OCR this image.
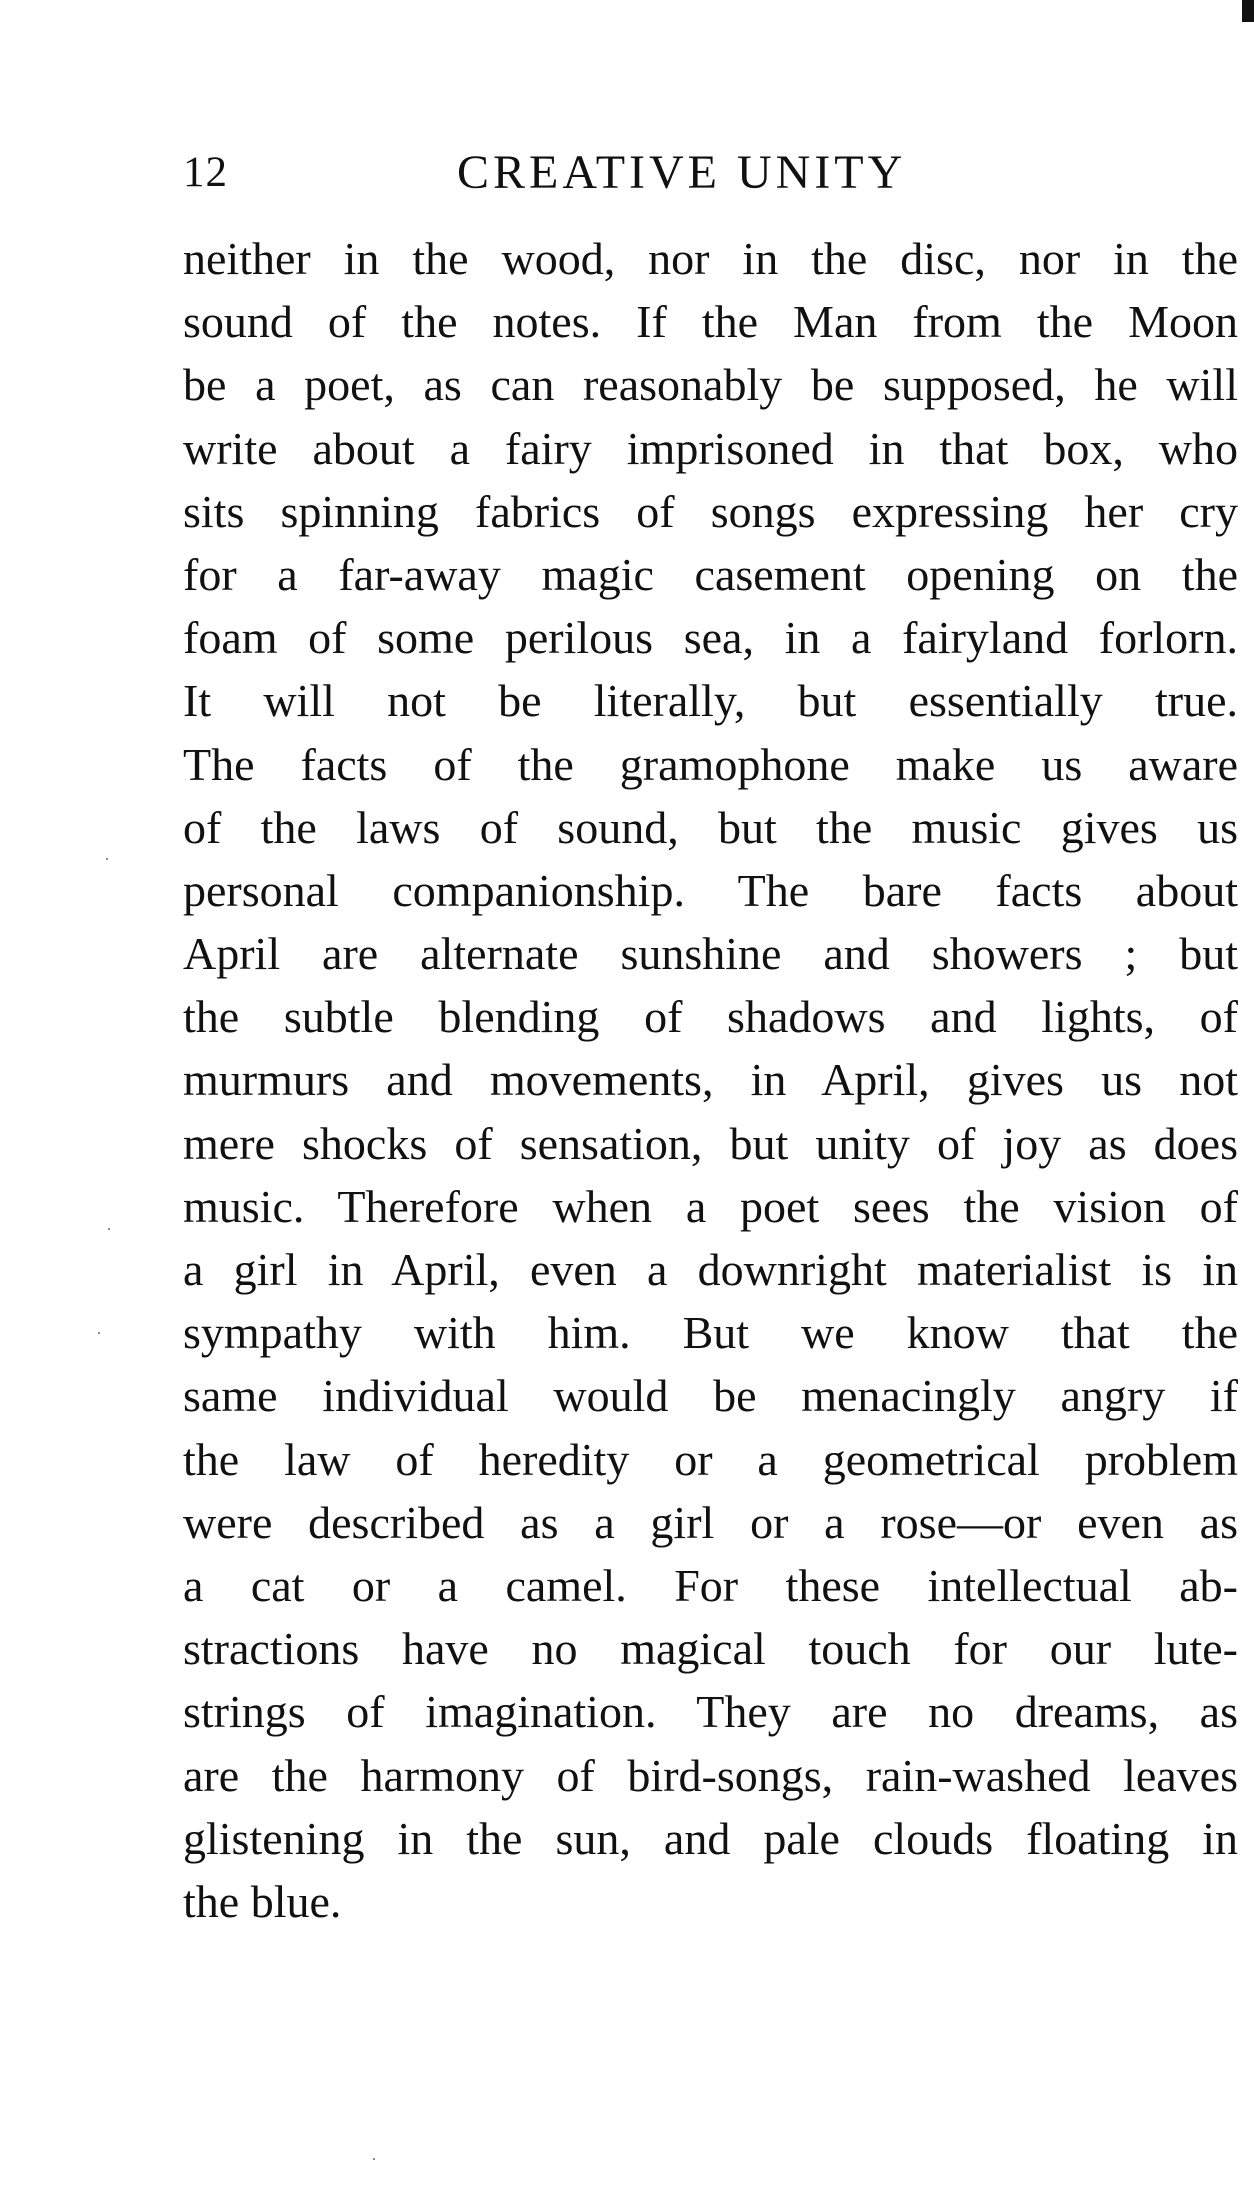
12	CREATIVE UNITY
neither in the wood, nor in the disc, nor in the
sound of the notes. If the Man from the Moon
be a poet, as can reasonably be supposed, he will
write about a fairy imprisoned in that box, who
sits spinning fabrics of songs expressing her cry
for a far-away magic casement opening on the
foam of some perilous sea, in a fairyland forlorn.
It will not be literally, but essentially true.
The facts of the gramophone make us aware
of the laws of sound, but the music gives us
personal companionship. The bare facts about
April are alternate sunshine and showers ; but
the subtle blending of shadows and lights, of
murmurs and movements, in April, gives us not
mere shocks of sensation, but unity of joy as does
music. Therefore when a poet sees the vision of
a girl in April, even a downright materialist is in
sympathy with him. But we know that the
same individual would be menacingly angry if
the law of heredity or a geometrical problem
were described as a girl or a rose—or even as
a cat or a camel. For these intellectual ab-
stractions have no magical touch for our lute-
strings of imagination. They are no dreams, as
are the harmony of bird-songs, rain-washed leaves
glistening in the sun, and pale clouds floating in
the blue.
